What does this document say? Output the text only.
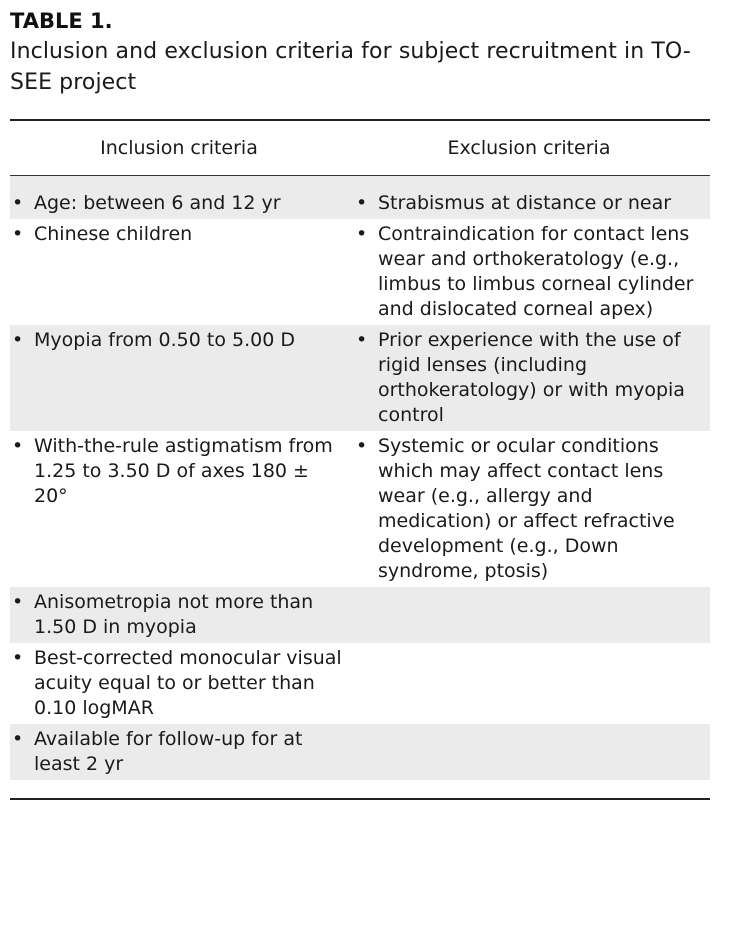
TABLE 1.

Inclusion and exclusion criteria for subject recruitment in TO-SEE project

Inclusion criteria	Exclusion criteria

• Age: between 6 and 12 yr	• Strabismus at distance or near

• Chinese children	• Contraindication for contact lens wear and orthokeratology (e.g., limbus to limbus corneal cylinder and dislocated corneal apex)

• Myopia from 0.50 to 5.00 D	• Prior experience with the use of rigid lenses (including orthokeratology) or with myopia control

• With-the-rule astigmatism from 1.25 to 3.50 D of axes 180 ± 20°	• Systemic or ocular conditions which may affect contact lens wear (e.g., allergy and medication) or affect refractive development (e.g., Down syndrome, ptosis)

• Anisometropia not more than 1.50 D in myopia	

• Best-corrected monocular visual acuity equal to or better than 0.10 logMAR	

• Available for follow-up for at least 2 yr	
